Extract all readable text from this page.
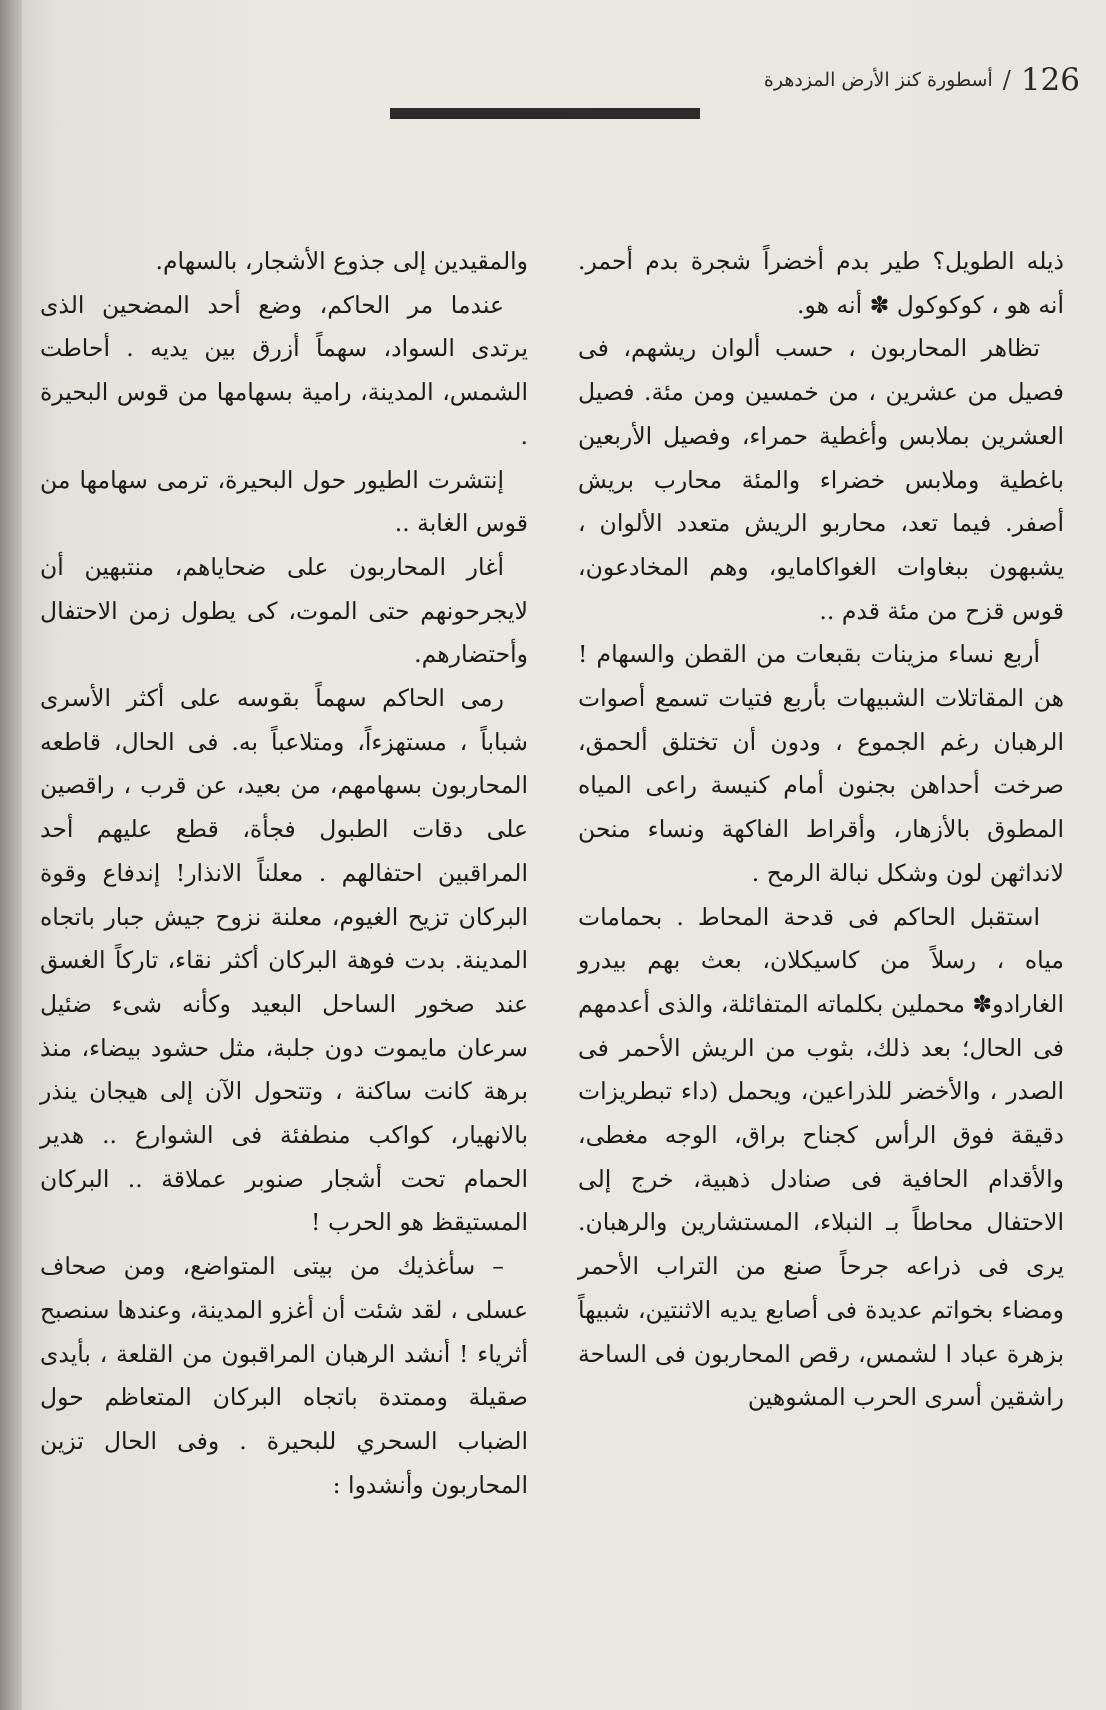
126
/
أسطورة كنز الأرض المزدهرة

ذيله الطويل؟ طير بدم أخضراً شجرة بدم أحمر. أنه هو ، كوكوكول ✽ أنه هو.

تظاهر المحاربون ، حسب ألوان ريشهم، فى فصيل من عشرين ، من خمسين ومن مئة. فصيل العشرين بملابس وأغطية حمراء، وفصيل الأربعين باغطية وملابس خضراء والمئة محارب بريش أصفر. فيما تعد، محاربو الريش متعدد الألوان ، يشبهون ببغاوات الغواكامايو، وهم المخادعون، قوس قزح من مئة قدم ..

أربع نساء مزينات بقبعات من القطن والسهام ! هن المقاتلات الشبيهات بأربع فتيات تسمع أصوات الرهبان رغم الجموع ، ودون أن تختلق ألحمق، صرخت أحداهن بجنون أمام كنيسة راعى المياه المطوق بالأزهار، وأقراط الفاكهة ونساء منحن لانداثهن لون وشكل نبالة الرمح .

استقبل الحاكم فى قدحة المحاط . بحمامات مياه ، رسلاً من كاسيكلان، بعث بهم بيدرو الغارادو✽ محملين بكلماته المتفائلة، والذى أعدمهم فى الحال؛ بعد ذلك، بثوب من الريش الأحمر فى الصدر ، والأخضر للذراعين، ويحمل (داء تبطريزات دقيقة فوق الرأس كجناح براق، الوجه مغطى، والأقدام الحافية فى صنادل ذهبية، خرج إلى الاحتفال محاطاً بـ النبلاء، المستشارين والرهبان. يرى فى ذراعه جرحاً صنع من التراب الأحمر ومضاء بخواتم عديدة فى أصابع يديه الاثنتين، شبيهاً بزهرة عباد ا لشمس، رقص المحاربون فى الساحة راشقين أسرى الحرب المشوهين

والمقيدين إلى جذوع الأشجار، بالسهام.

عندما مر الحاكم، وضع أحد المضحين الذى يرتدى السواد، سهماً أزرق بين يديه . أحاطت الشمس، المدينة، رامية بسهامها من قوس البحيرة .

إنتشرت الطيور حول البحيرة، ترمى سهامها من قوس الغابة ..

أغار المحاربون على ضحاياهم، منتبهين أن لايجرحونهم حتى الموت، كى يطول زمن الاحتفال وأحتضارهم.

رمى الحاكم سهماً بقوسه على أكثر الأسرى شباباً ، مستهزءاً، ومتلاعباً به. فى الحال، قاطعه المحاربون بسهامهم، من بعيد، عن قرب ، راقصين على دقات الطبول فجأة، قطع عليهم أحد المراقبين احتفالهم . معلناً الانذار! إندفاع وقوة البركان تزيح الغيوم، معلنة نزوح جيش جبار باتجاه المدينة. بدت فوهة البركان أكثر نقاء، تاركاً الغسق عند صخور الساحل البعيد وكأنه شىء ضئيل سرعان مايموت دون جلبة، مثل حشود بيضاء، منذ برهة كانت ساكنة ، وتتحول الآن إلى هيجان ينذر بالانهيار، كواكب منطفئة فى الشوارع .. هدير الحمام تحت أشجار صنوبر عملاقة .. البركان المستيقظ هو الحرب !

– سأغذيك من بيتى المتواضع، ومن صحاف عسلى ، لقد شئت أن أغزو المدينة، وعندها سنصبح أثرياء ! أنشد الرهبان المراقبون من القلعة ، بأيدى صقيلة وممتدة باتجاه البركان المتعاظم حول الضباب السحري للبحيرة . وفى الحال تزين المحاربون وأنشدوا :
